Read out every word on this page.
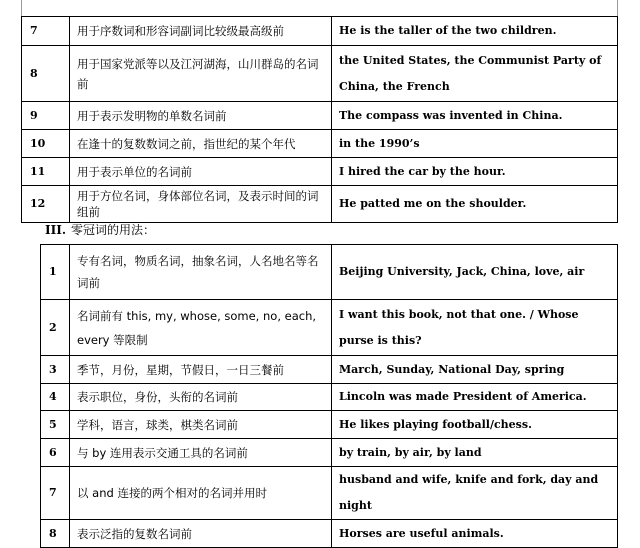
7	用于序数词和形容词副词比较级最高级前	He is the taller of the two children.
8	用于国家党派等以及江河湖海，山川群岛的名词前	the United States, the Communist Party of China, the French
9	用于表示发明物的单数名词前	The compass was invented in China.
10	在逢十的复数数词之前，指世纪的某个年代	in the 1990’s
11	用于表示单位的名词前	I hired the car by the hour.
12	用于方位名词，身体部位名词，及表示时间的词组前	He patted me on the shoulder.
III. 零冠词的用法：
1	专有名词，物质名词，抽象名词，人名地名等名词前	Beijing University, Jack, China, love, air
2	名词前有 this, my, whose, some, no, each, every 等限制	I want this book, not that one. / Whose purse is this?
3	季节，月份，星期，节假日，一日三餐前	March, Sunday, National Day, spring
4	表示职位，身份，头衔的名词前	Lincoln was made President of America.
5	学科，语言，球类，棋类名词前	He likes playing football/chess.
6	与 by 连用表示交通工具的名词前	by train, by air, by land
7	以 and 连接的两个相对的名词并用时	husband and wife, knife and fork, day and night
8	表示泛指的复数名词前	Horses are useful animals.
